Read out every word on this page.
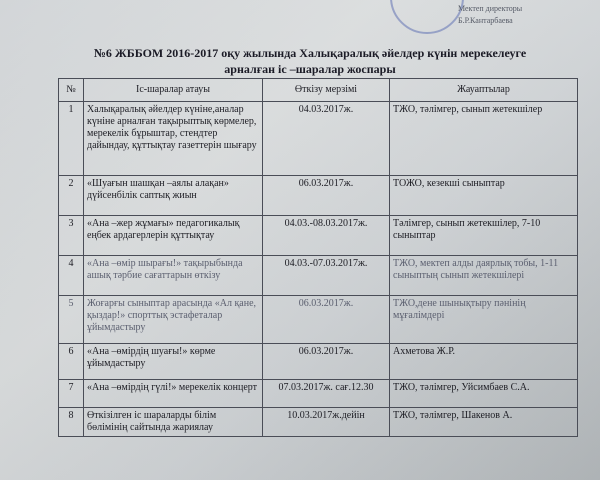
Мектеп директоры
Б.Р.Кантарбаева
№6 ЖББОМ 2016-2017 оқу жылында Халықаралық әйелдер күнін мерекелеуге
арналған іс –шаралар жоспары
№	Іс-шаралар атауы	Өткізу мерзімі	Жауаптылар
1	Халықаралық әйелдер күніне,аналар күніне арналған тақырыптық көрмелер, мерекелік бұрыштар, стендтер дайындау, құттықтау газеттерін шығару	04.03.2017ж.	ТЖО, тәлімгер, сынып жетекшілер
2	«Шуағын шашқан –аялы алақан» дүйсенбілік саптық жиын	06.03.2017ж.	ТОЖО, кезекші сыныптар
3	«Ана –жер жұмағы» педагогикалық еңбек ардагерлерін құттықтау	04.03.-08.03.2017ж.	Тәлімгер, сынып жетекшілер, 7-10 сыныптар
4	«Ана –өмір шырағы!» тақырыбында ашық тәрбие сағаттарын өткізу	04.03.-07.03.2017ж.	ТЖО, мектеп алды даярлық тобы, 1-11 сыныптың сынып жетекшілері
5	Жоғарғы сыныптар арасында «Ал қане, қыздар!» спорттық эстафеталар ұйымдастыру	06.03.2017ж.	ТЖО,дене шынықтыру пәнінің мұғалімдері
6	«Ана –өмірдің шуағы!» көрме ұйымдастыру	06.03.2017ж.	Ахметова Ж.Р.
7	«Ана –өмірдің гүлі!» мерекелік концерт	07.03.2017ж. сағ.12.30	ТЖО, тәлімгер, Уйсимбаев С.А.
8	Өткізілген іс шараларды білім бөлімінің сайтында жариялау	10.03.2017ж.дейін	ТЖО, тәлімгер, Шакенов А.
